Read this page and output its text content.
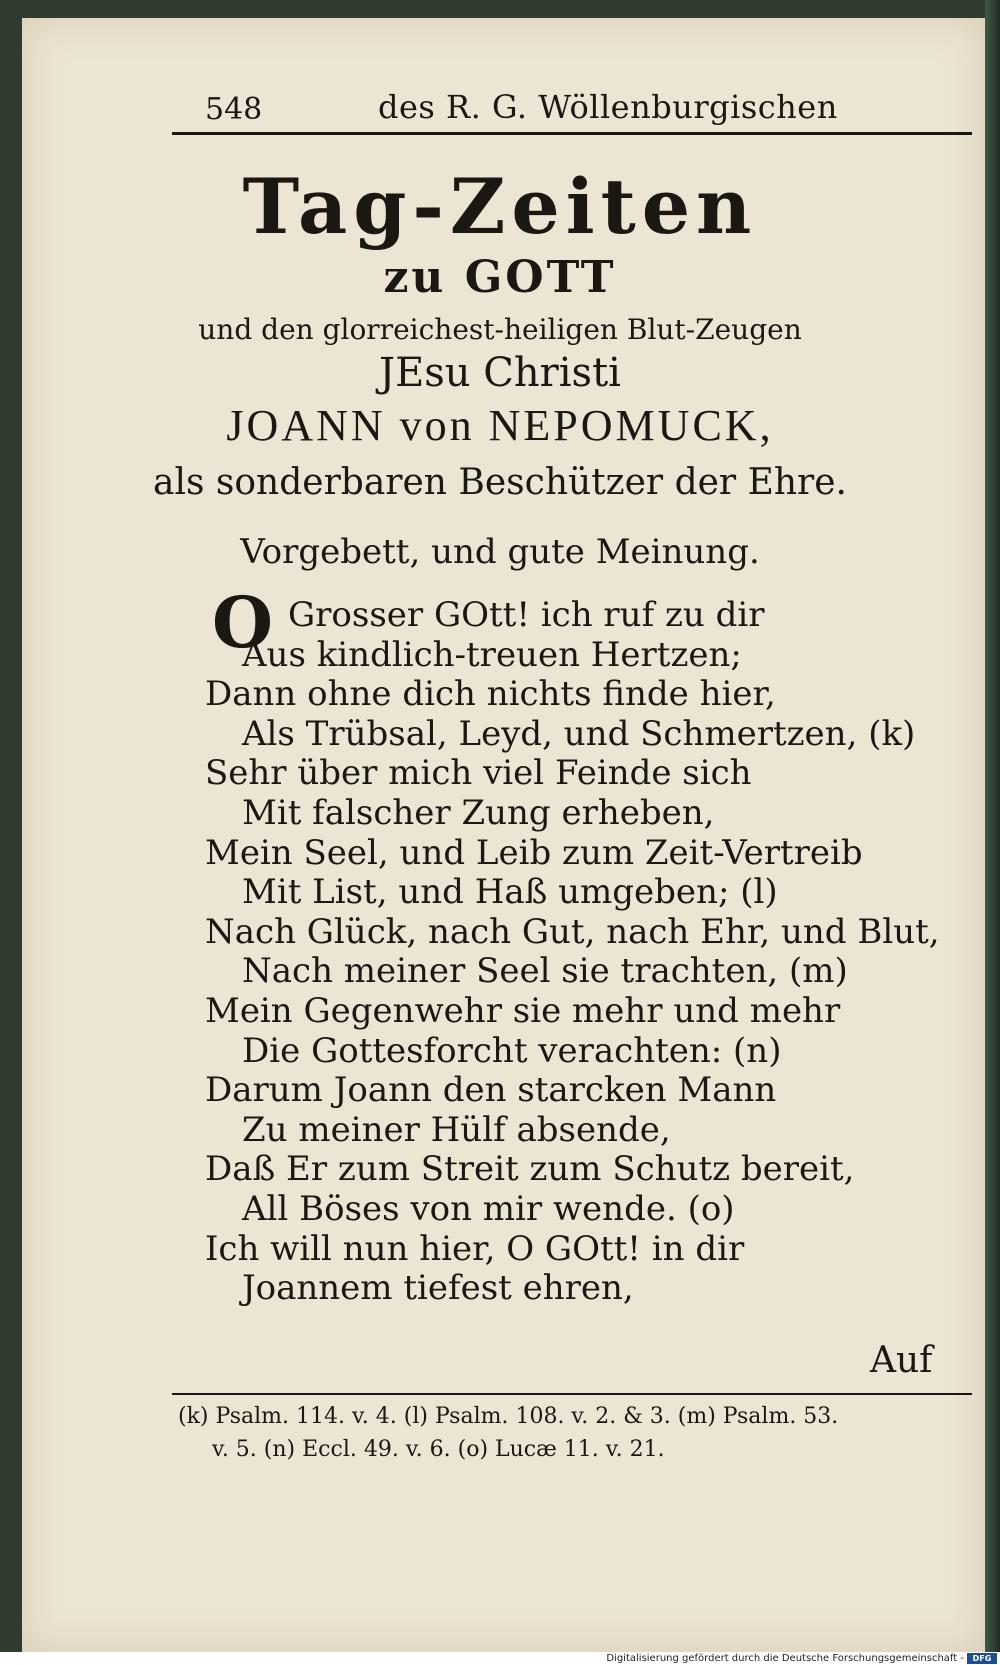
548	des R. G. Wöllenburgischen
Tag-Zeiten
zu GOTT
und den glorreichest-heiligen Blut-Zeugen
JEsu Christi
JOANN von NEPOMUCK,
als sonderbaren Beschützer der Ehre.
Vorgebett, und gute Meinung.
O Grosser GOtt! ich ruf zu dir
Aus kindlich-treuen Hertzen;
Dann ohne dich nichts finde hier,
Als Trübsal, Leyd, und Schmertzen, (k)
Sehr über mich viel Feinde sich
Mit falscher Zung erheben,
Mein Seel, und Leib zum Zeit-Vertreib
Mit List, und Haß umgeben; (l)
Nach Glück, nach Gut, nach Ehr, und Blut,
Nach meiner Seel sie trachten, (m)
Mein Gegenwehr sie mehr und mehr
Die Gottesforcht verachten: (n)
Darum Joann den starcken Mann
Zu meiner Hülf absende,
Daß Er zum Streit zum Schutz bereit,
All Böses von mir wende. (o)
Ich will nun hier, O GOtt! in dir
Joannem tiefest ehren,
Auf
(k) Psalm. 114. v. 4. (l) Psalm. 108. v. 2. & 3. (m) Psalm. 53.
v. 5. (n) Eccl. 49. v. 6. (o) Lucæ 11. v. 21.
Digitalisierung gefördert durch die Deutsche Forschungsgemeinschaft -	DFG
